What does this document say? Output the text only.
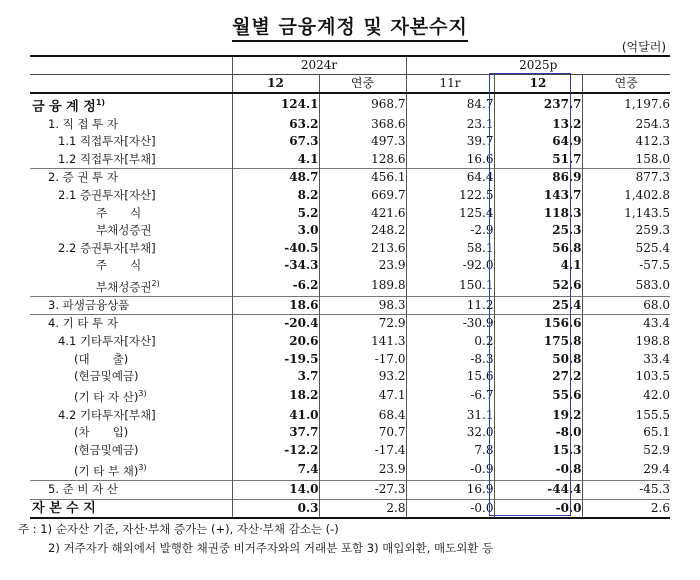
월별 금융계정 및 자본수지
(억달러)
	2024r		2025p		
	12	연중	11r	12	연중
금 융 계 정$^{1)}$	124.1	968.7	84.7	237.7	1,197.6
1. 직 접 투 자	63.2	368.6	23.1	13.2	254.3
1.1 직접투자[자산]	67.3	497.3	39.7	64.9	412.3
1.2 직접투자[부채]	4.1	128.6	16.6	51.7	158.0
2. 증 권 투 자	48.7	456.1	64.4	86.9	877.3
2.1 증권투자[자산]	8.2	669.7	122.5	143.7	1,402.8
주　　식	5.2	421.6	125.4	118.3	1,143.5
부채성증권	3.0	248.2	-2.9	25.3	259.3
2.2 증권투자[부채]	-40.5	213.6	58.1	56.8	525.4
주　　식	-34.3	23.9	-92.0	4.1	-57.5
부채성증권$^{2)}$	-6.2	189.8	150.1	52.6	583.0
3. 파생금융상품	18.6	98.3	11.2	25.4	68.0
4. 기 타 투 자	-20.4	72.9	-30.9	156.6	43.4
4.1 기타투자[자산]	20.6	141.3	0.2	175.8	198.8
(대　　출)	-19.5	-17.0	-8.3	50.8	33.4
(현금및예금)	3.7	93.2	15.6	27.2	103.5
(기 타 자 산)$^{3)}$	18.2	47.1	-6.7	55.6	42.0
4.2 기타투자[부채]	41.0	68.4	31.1	19.2	155.5
(차　　입)	37.7	70.7	32.0	-8.0	65.1
(현금및예금)	-12.2	-17.4	7.8	15.3	52.9
(기 타 부 채)$^{3)}$	7.4	23.9	-0.9	-0.8	29.4
5. 준 비 자 산	14.0	-27.3	16.9	-44.4	-45.3
자 본 수 지	0.3	2.8	-0.0	-0.0	2.6
주 : 1) 순자산 기준, 자산·부채 증가는 (+), 자산·부채 감소는 (-)
2) 거주자가 해외에서 발행한 채권중 비거주자와의 거래분 포함 3) 매입외환, 매도외환 등
